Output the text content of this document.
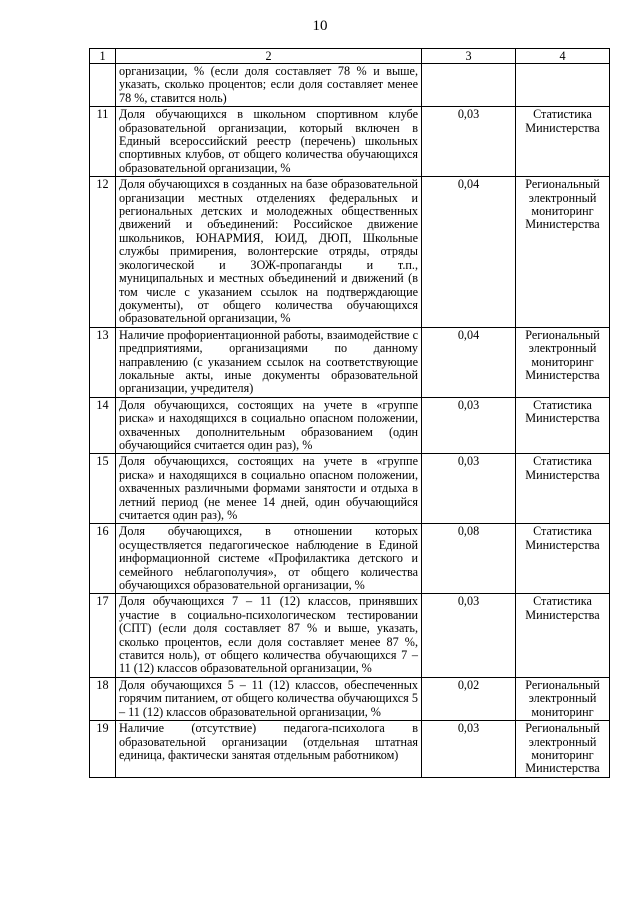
10
1	2	3	4
	организации, % (если доля составляет 78 % и выше, указать, сколько процентов; если доля составляет менее 78 %, ставится ноль)		
11	Доля обучающихся в школьном спортивном клубе образовательной организации, который включен в Единый всероссийский реестр (перечень) школьных спортивных клубов, от общего количества обучающихся образовательной организации, %	0,03	Статистика Министерства
12	Доля обучающихся в созданных на базе образовательной организации местных отделениях федеральных и региональных детских и молодежных общественных движений и объединений: Российское движение школьников, ЮНАРМИЯ, ЮИД, ДЮП, Школьные службы примирения, волонтерские отряды, отряды экологической и ЗОЖ-пропаганды и т.п., муниципальных и местных объединений и движений (в том числе с указанием ссылок на подтверждающие документы), от общего количества обучающихся образовательной организации, %	0,04	Региональный электронный мониторинг Министерства
13	Наличие профориентационной работы, взаимодействие с предприятиями, организациями по данному направлению (с указанием ссылок на соответствующие локальные акты, иные документы образовательной организации, учредителя)	0,04	Региональный электронный мониторинг Министерства
14	Доля обучающихся, состоящих на учете в «группе риска» и находящихся в социально опасном положении, охваченных дополнительным образованием (один обучающийся считается один раз), %	0,03	Статистика Министерства
15	Доля обучающихся, состоящих на учете в «группе риска» и находящихся в социально опасном положении, охваченных различными формами занятости и отдыха в летний период (не менее 14 дней, один обучающийся считается один раз), %	0,03	Статистика Министерства
16	Доля обучающихся, в отношении которых осуществляется педагогическое наблюдение в Единой информационной системе «Профилактика детского и семейного неблагополучия», от общего количества обучающихся образовательной организации, %	0,08	Статистика Министерства
17	Доля обучающихся 7 – 11 (12) классов, принявших участие в социально-психологическом тестировании (СПТ) (если доля составляет 87 % и выше, указать, сколько процентов, если доля составляет менее 87 %, ставится ноль), от общего количества обучающихся 7 – 11 (12) классов образовательной организации, %	0,03	Статистика Министерства
18	Доля обучающихся 5 – 11 (12) классов, обеспеченных горячим питанием, от общего количества обучающихся 5 – 11 (12) классов образовательной организации, %	0,02	Региональный электронный мониторинг
19	Наличие (отсутствие) педагога-психолога в образовательной организации (отдельная штатная единица, фактически занятая отдельным работником)	0,03	Региональный электронный мониторинг Министерства
